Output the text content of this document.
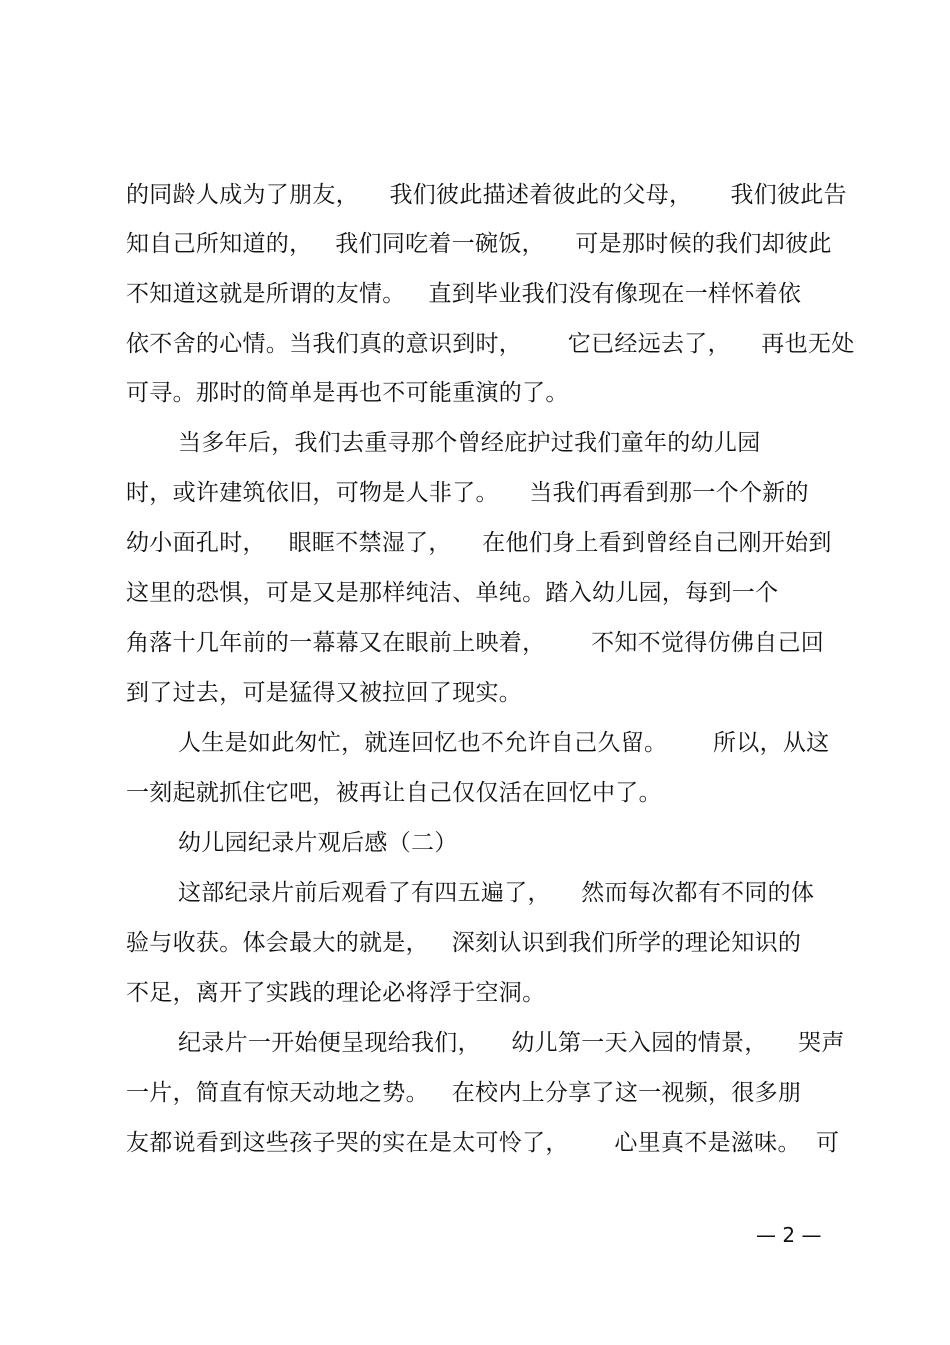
的同龄人成为了朋友，    我们彼此描述着彼此的父母，     我们彼此告
知自己所知道的，   我们同吃着一碗饭，    可是那时候的我们却彼此
不知道这就是所谓的友情。   直到毕业我们没有像现在一样怀着依
依不舍的心情。当我们真的意识到时，      它已经远去了，    再也无处
可寻。那时的简单是再也不可能重演的了。
当多年后，我们去重寻那个曾经庇护过我们童年的幼儿园
时，或许建筑依旧，可物是人非了。    当我们再看到那一个个新的
幼小面孔时，   眼眶不禁湿了，    在他们身上看到曾经自己刚开始到
这里的恐惧，可是又是那样纯洁、单纯。踏入幼儿园，每到一个
角落十几年前的一幕幕又在眼前上映着，      不知不觉得仿佛自己回
到了过去，可是猛得又被拉回了现实。
人生是如此匆忙，就连回忆也不允许自己久留。      所以，从这
一刻起就抓住它吧，被再让自己仅仅活在回忆中了。
幼儿园纪录片观后感（二）
这部纪录片前后观看了有四五遍了，    然而每次都有不同的体
验与收获。体会最大的就是，   深刻认识到我们所学的理论知识的
不足，离开了实践的理论必将浮于空洞。
纪录片一开始便呈现给我们，    幼儿第一天入园的情景，    哭声
一片，简直有惊天动地之势。   在校内上分享了这一视频，很多朋
友都说看到这些孩子哭的实在是太可怜了，      心里真不是滋味。  可
— 2 —
